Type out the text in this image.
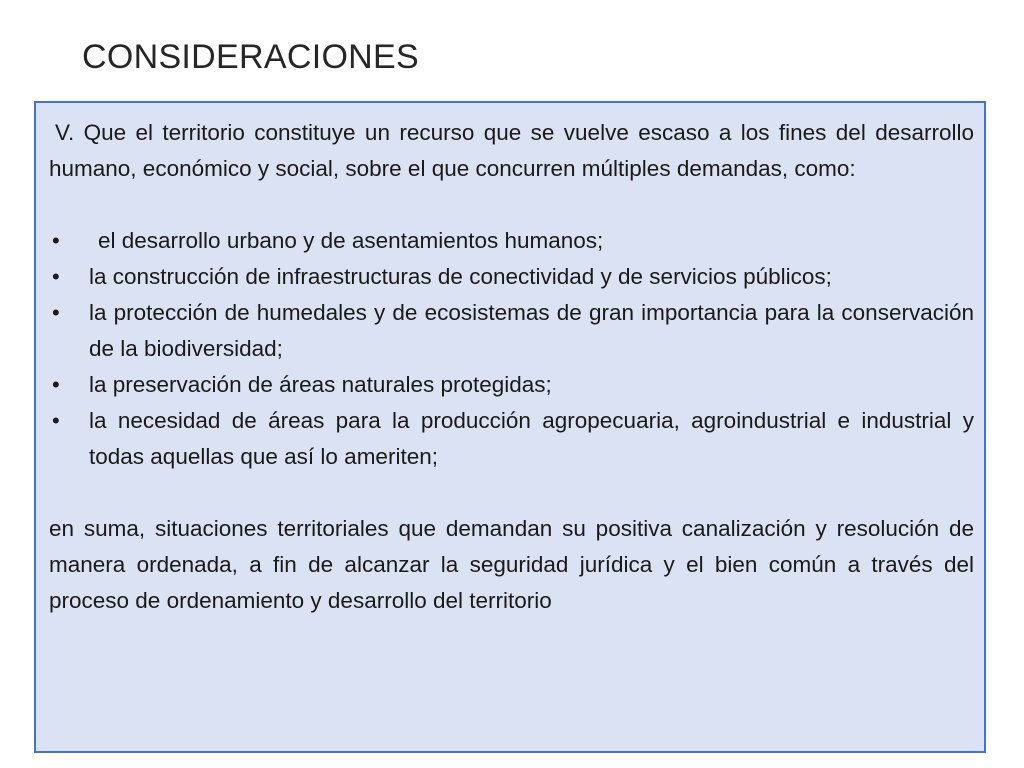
CONSIDERACIONES

V. Que el territorio constituye un recurso que se vuelve escaso a los fines del desarrollo humano, económico y social, sobre el que concurren múltiples demandas, como:

•	el desarrollo urbano y de asentamientos humanos;
•	la construcción de infraestructuras de conectividad y de servicios públicos;
•	la protección de humedales y de ecosistemas de gran importancia para la conservación de la biodiversidad;
•	la preservación de áreas naturales protegidas;
•	la necesidad de áreas para la producción agropecuaria, agroindustrial e industrial y todas aquellas que así lo ameriten;

en suma, situaciones territoriales que demandan su positiva canalización y resolución de manera ordenada, a fin de alcanzar la seguridad jurídica y el bien común a través del proceso de ordenamiento y desarrollo del territorio
